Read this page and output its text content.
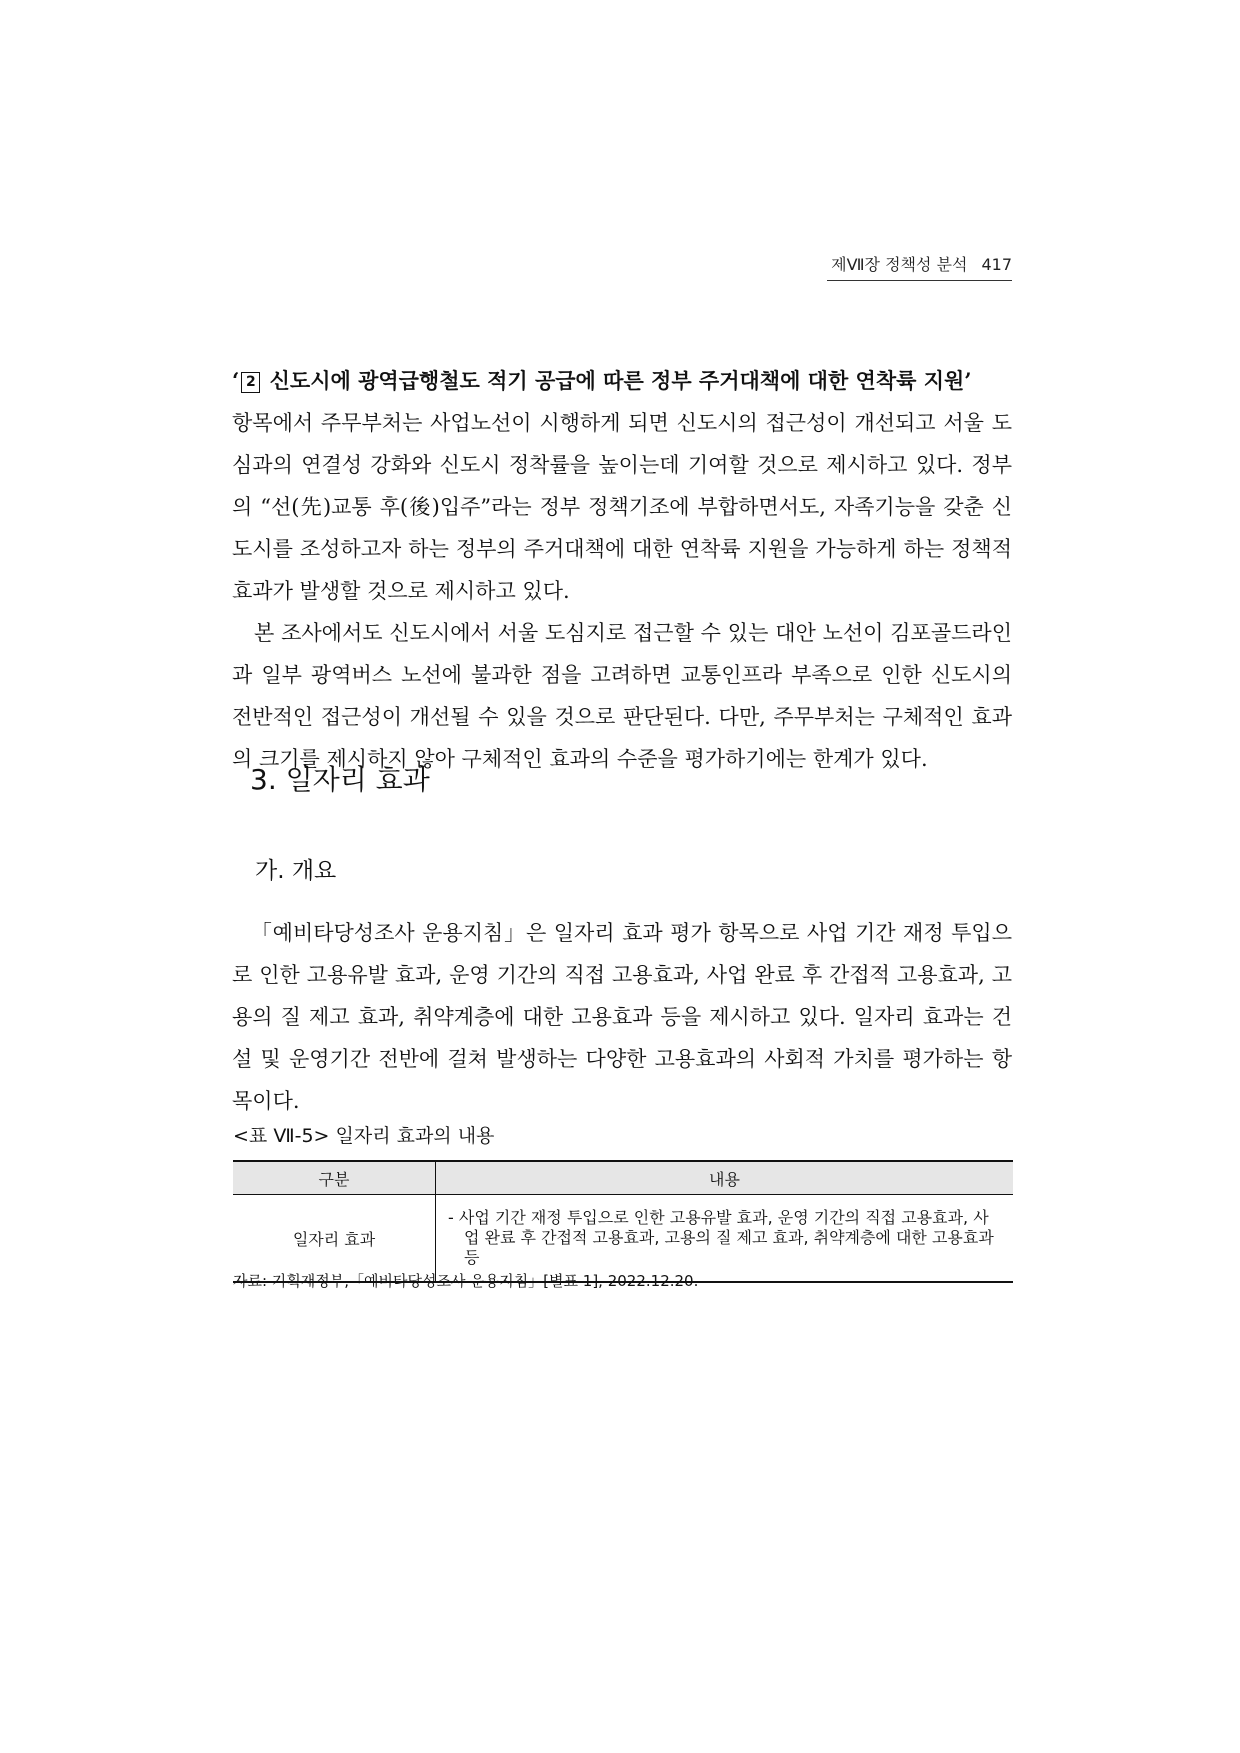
제Ⅶ장 정책성 분석 417

‘ 2 신도시에 광역급행철도 적기 공급에 따른 정부 주거대책에 대한 연착륙 지원’

항목에서 주무부처는 사업노선이 시행하게 되면 신도시의 접근성이 개선되고 서울 도심과의 연결성 강화와 신도시 정착률을 높이는데 기여할 것으로 제시하고 있다. 정부의 “선(先)교통 후(後)입주”라는 정부 정책기조에 부합하면서도, 자족기능을 갖춘 신도시를 조성하고자 하는 정부의 주거대책에 대한 연착륙 지원을 가능하게 하는 정책적 효과가 발생할 것으로 제시하고 있다.

본 조사에서도 신도시에서 서울 도심지로 접근할 수 있는 대안 노선이 김포골드라인과 일부 광역버스 노선에 불과한 점을 고려하면 교통인프라 부족으로 인한 신도시의 전반적인 접근성이 개선될 수 있을 것으로 판단된다. 다만, 주무부처는 구체적인 효과의 크기를 제시하지 않아 구체적인 효과의 수준을 평가하기에는 한계가 있다.

3. 일자리 효과
가. 개요

「예비타당성조사 운용지침」은 일자리 효과 평가 항목으로 사업 기간 재정 투입으로 인한 고용유발 효과, 운영 기간의 직접 고용효과, 사업 완료 후 간접적 고용효과, 고용의 질 제고 효과, 취약계층에 대한 고용효과 등을 제시하고 있다. 일자리 효과는 건설 및 운영기간 전반에 걸쳐 발생하는 다양한 고용효과의 사회적 가치를 평가하는 항목이다.

<표 Ⅶ-5> 일자리 효과의 내용
구분	내용
일자리 효과	- 사업 기간 재정 투입으로 인한 고용유발 효과, 운영 기간의 직접 고용효과, 사업 완료 후 간접적 고용효과, 고용의 질 제고 효과, 취약계층에 대한 고용효과 등
자료: 기획재정부,「예비타당성조사 운용지침」[별표 1], 2022.12.20.
